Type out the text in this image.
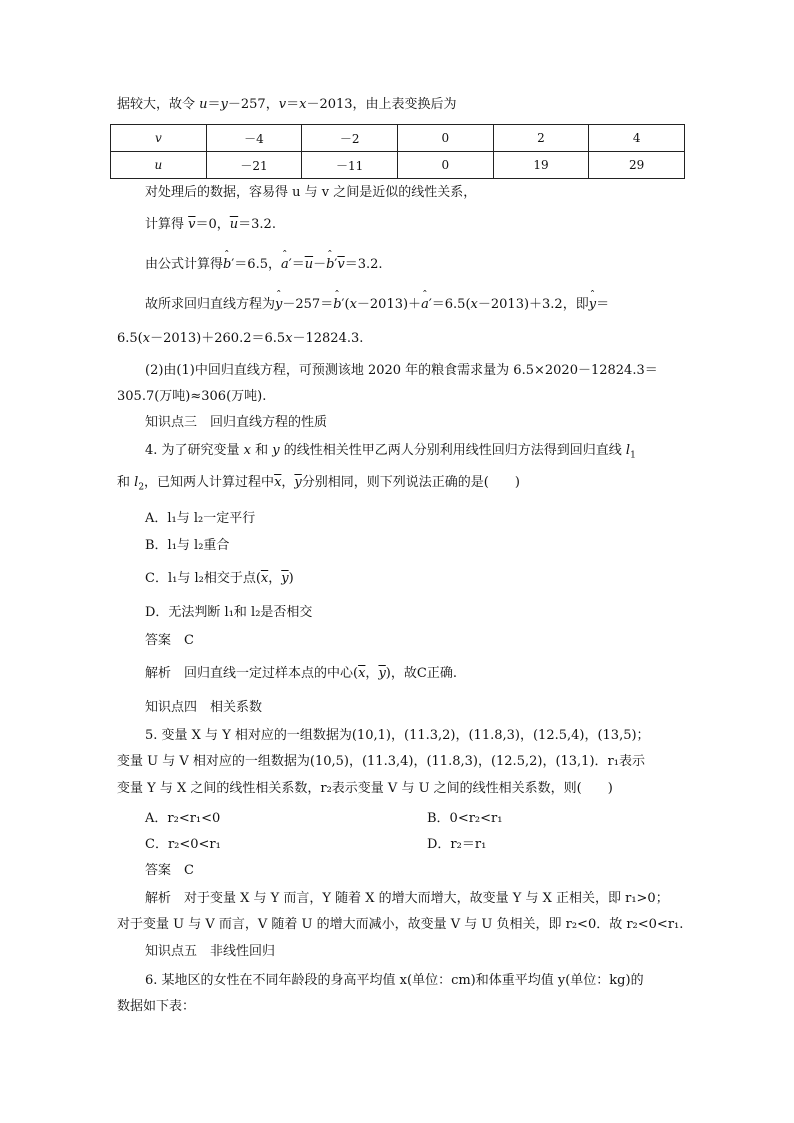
据较大，故令 u＝y－257，v＝x－2013，由上表变换后为
v	－4	－2	0	2	4
u	－21	－11	0	19	29
对处理后的数据，容易得 u 与 v 之间是近似的线性关系，
计算得 $\overline{v}=0$，$\overline{u}=3.2$.
由公式计算得ˆ b′＝6.5，ˆ $a'=\overline{u}-ˆ$ $b'\overline{v}=3.2$.
故所求回归直线方程为ˆ y－257＝ˆ b′(x－2013)＋ˆ a′＝6.5(x－2013)＋3.2，即ˆ y＝
6.5(x－2013)＋260.2＝6.5x－12824.3.
(2)由(1)中回归直线方程，可预测该地 2020 年的粮食需求量为 6.5×2020－12824.3＝
305.7(万吨)≈306(万吨).
知识点三　回归直线方程的性质
4. 为了研究变量 x 和 y 的线性相关性甲乙两人分别利用线性回归方法得到回归直线 $l_1$
和 $l_2$，已知两人计算过程中$\overline{x}$，$\overline{y}$分别相同，则下列说法正确的是(　　)
A．l₁与 l₂一定平行
B．l₁与 l₂重合
C．l₁与 l₂相交于点($\overline{x}$，$\overline{y}$)
D．无法判断 l₁和 l₂是否相交
答案　C
解析　回归直线一定过样本点的中心($\overline{x}$，$\overline{y}$)，故C正确.
知识点四　相关系数
5. 变量 X 与 Y 相对应的一组数据为(10,1)，(11.3,2)，(11.8,3)，(12.5,4)，(13,5)；
变量 U 与 V 相对应的一组数据为(10,5)，(11.3,4)，(11.8,3)，(12.5,2)，(13,1)．r₁表示
变量 Y 与 X 之间的线性相关系数，r₂表示变量 V 与 U 之间的线性相关系数，则(　　)
A．r₂<r₁<0	B．0<r₂<r₁
C．r₂<0<r₁	D．r₂＝r₁
答案　C
解析　对于变量 X 与 Y 而言，Y 随着 X 的增大而增大，故变量 Y 与 X 正相关，即 r₁>0；
对于变量 U 与 V 而言，V 随着 U 的增大而减小，故变量 V 与 U 负相关，即 r₂<0．故 r₂<0<r₁.
知识点五　非线性回归
6. 某地区的女性在不同年龄段的身高平均值 x(单位：cm)和体重平均值 y(单位：kg)的
数据如下表：
